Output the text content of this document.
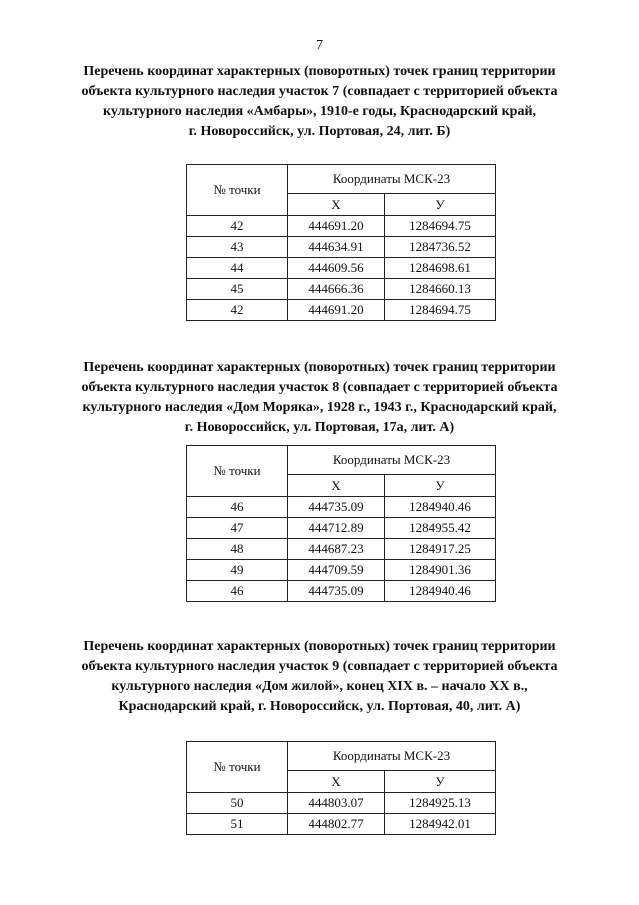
7
Перечень координат характерных (поворотных) точек границ территории
объекта культурного наследия участок 7 (совпадает с территорией объекта
культурного наследия «Амбары», 1910-е годы, Краснодарский край,
г. Новороссийск, ул. Портовая, 24, лит. Б)
№ точки	Координаты МСК-23	
	X	У
42	444691.20	1284694.75
43	444634.91	1284736.52
44	444609.56	1284698.61
45	444666.36	1284660.13
42	444691.20	1284694.75
Перечень координат характерных (поворотных) точек границ территории
объекта культурного наследия участок 8 (совпадает с территорией объекта
культурного наследия «Дом Моряка», 1928 г., 1943 г., Краснодарский край,
г. Новороссийск, ул. Портовая, 17а, лит. А)
№ точки	Координаты МСК-23	
	X	У
46	444735.09	1284940.46
47	444712.89	1284955.42
48	444687.23	1284917.25
49	444709.59	1284901.36
46	444735.09	1284940.46
Перечень координат характерных (поворотных) точек границ территории
объекта культурного наследия участок 9 (совпадает с территорией объекта
культурного наследия «Дом жилой», конец XIX в. – начало XX в.,
Краснодарский край, г. Новороссийск, ул. Портовая, 40, лит. А)
№ точки	Координаты МСК-23	
	X	У
50	444803.07	1284925.13
51	444802.77	1284942.01
